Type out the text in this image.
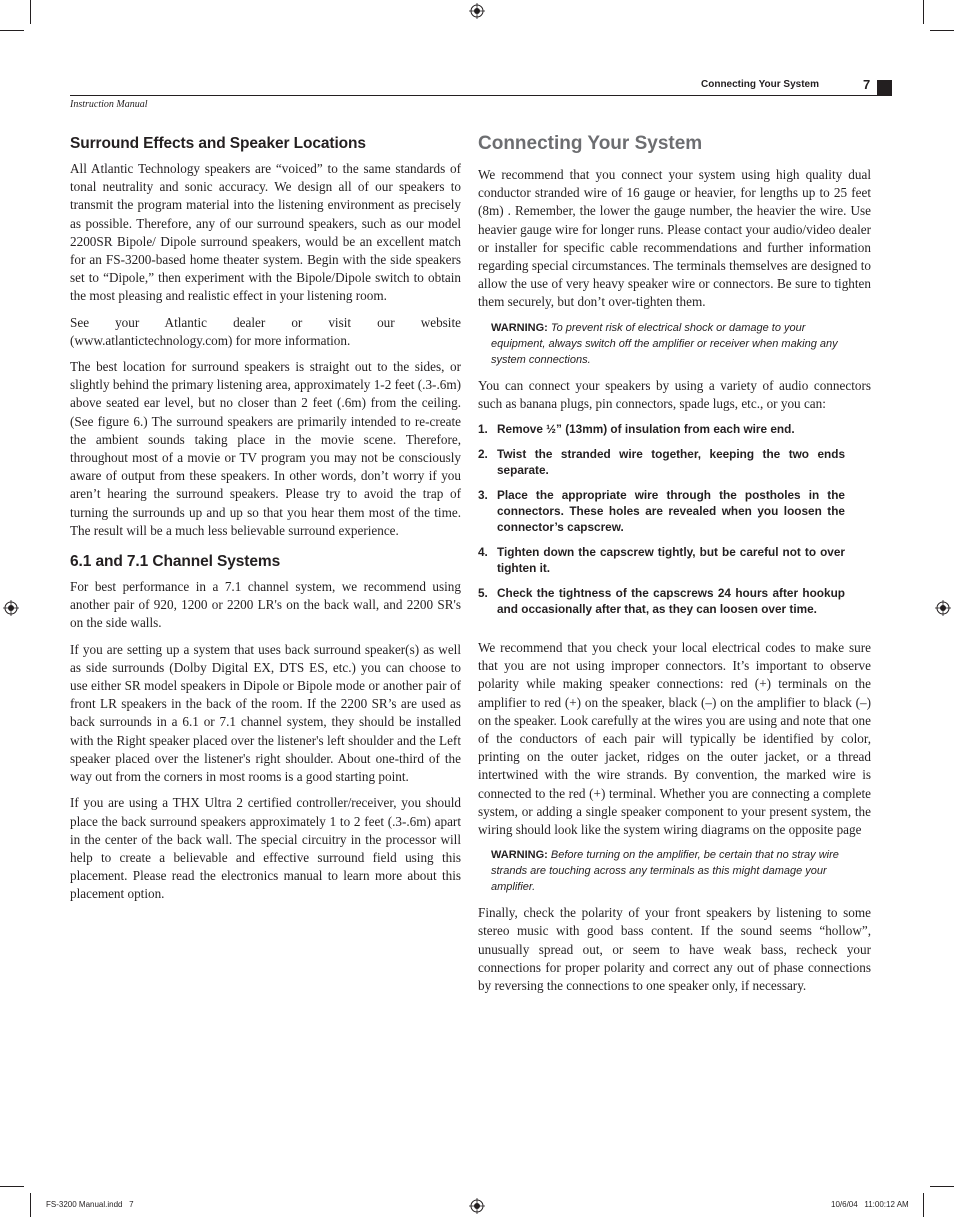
Connecting Your System	7
Instruction Manual
Surround Effects and Speaker Locations

All Atlantic Technology speakers are “voiced” to the same standards of tonal neutrality and sonic accuracy. We design all of our speakers to transmit the program material into the listening environment as precisely as possible. Therefore, any of our surround speakers, such as our model 2200SR Bipole/ Dipole surround speakers, would be an excellent match for an FS-3200-based home theater system. Begin with the side speakers set to “Dipole,” then experiment with the Bipole/Dipole switch to obtain the most pleasing and realistic effect in your listening room.

See your Atlantic dealer or visit our website (www.atlantictechnology.com) for more information.

The best location for surround speakers is straight out to the sides, or slightly behind the primary listening area, approximately 1-2 feet (.3-.6m) above seated ear level, but no closer than 2 feet (.6m) from the ceiling. (See figure 6.) The surround speakers are primarily intended to re-create the ambient sounds taking place in the movie scene. Therefore, throughout most of a movie or TV program you may not be consciously aware of output from these speakers. In other words, don’t worry if you aren’t hearing the surround speakers. Please try to avoid the trap of turning the surrounds up and up so that you hear them most of the time. The result will be a much less believable surround experience.

6.1 and 7.1 Channel Systems

For best performance in a 7.1 channel system, we recommend using another pair of 920, 1200 or 2200 LR's on the back wall, and 2200 SR's on the side walls.

If you are setting up a system that uses back surround speaker(s) as well as side surrounds (Dolby Digital EX, DTS ES, etc.) you can choose to use either SR model speakers in Dipole or Bipole mode or another pair of front LR speakers in the back of the room. If the 2200 SR’s are used as back surrounds in a 6.1 or 7.1 channel system, they should be installed with the Right speaker placed over the listener's left shoulder and the Left speaker placed over the listener's right shoulder. About one-third of the way out from the corners in most rooms is a good starting point.

If you are using a THX Ultra 2 certified controller/receiver, you should place the back surround speakers approximately 1 to 2 feet (.3-.6m) apart in the center of the back wall. The special circuitry in the processor will help to create a believable and effective surround field using this placement. Please read the electronics manual to learn more about this placement option.

Connecting Your System

We recommend that you connect your system using high quality dual conductor stranded wire of 16 gauge or heavier, for lengths up to 25 feet (8m) . Remember, the lower the gauge number, the heavier the wire. Use heavier gauge wire for longer runs. Please contact your audio/video dealer or installer for specific cable recommendations and further information regarding special circumstances. The terminals themselves are designed to allow the use of very heavy speaker wire or connectors. Be sure to tighten them securely, but don’t over-tighten them.

WARNING: To prevent risk of electrical shock or damage to your equipment, always switch off the amplifier or receiver when making any system connections.

You can connect your speakers by using a variety of audio connectors such as banana plugs, pin connectors, spade lugs, etc., or you can:

1. Remove ½” (13mm) of insulation from each wire end.
2. Twist the stranded wire together, keeping the two ends separate.
3. Place the appropriate wire through the postholes in the connectors. These holes are revealed when you loosen the connector’s capscrew.
4. Tighten down the capscrew tightly, but be careful not to over tighten it.
5. Check the tightness of the capscrews 24 hours after hookup and occasionally after that, as they can loosen over time.

We recommend that you check your local electrical codes to make sure that you are not using improper connectors. It’s important to observe polarity while making speaker connections: red (+) terminals on the amplifier to red (+) on the speaker, black (–) on the amplifier to black (–) on the speaker. Look carefully at the wires you are using and note that one of the conductors of each pair will typically be identified by color, printing on the outer jacket, ridges on the outer jacket, or a thread intertwined with the wire strands. By convention, the marked wire is connected to the red (+) terminal. Whether you are connecting a complete system, or adding a single speaker component to your present system, the wiring should look like the system wiring diagrams on the opposite page

WARNING: Before turning on the amplifier, be certain that no stray wire strands are touching across any terminals as this might damage your amplifier.

Finally, check the polarity of your front speakers by listening to some stereo music with good bass content. If the sound seems “hollow”, unusually spread out, or seem to have weak bass, recheck your connections for proper polarity and correct any out of phase connections by reversing the connections to one speaker only, if necessary.

FS-3200 Manual.indd   7	10/6/04   11:00:12 AM
